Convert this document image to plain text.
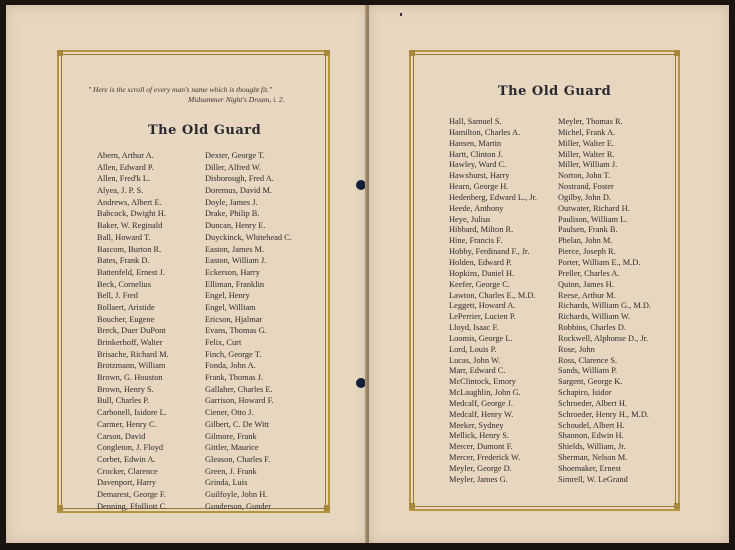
" Here is the scroll of every man's name which is thought fit."
Midsummer Night's Dream, i. 2.
The Old Guard
Abern, Arthur A.
Allen, Edward P.
Allen, Fred'k L.
Alyea, J. P. S.
Andrews, Albert E.
Babcock, Dwight H.
Baker, W. Reginald
Ball, Howard T.
Bascom, Burton R.
Bates, Frank D.
Battenfeld, Ernest J.
Beck, Cornelius
Bell, J. Fred
Bollaert, Aristide
Boucher, Eugene
Breck, Duer DuPont
Brinkerhoff, Walter
Brisache, Richard M.
Brotzmann, William
Brown, G. Houston
Brown, Henry S.
Bull, Charles P.
Carbonell, Isidore L.
Carmer, Henry C.
Carson, David
Congleton, J. Floyd
Corbet, Edwin A.
Crocker, Clarence
Davenport, Harry
Demarest, George F.
Denning, Ffolliott C.
Dexter, George T.
Diller, Alfred W.
Disborough, Fred A.
Doremus, David M.
Doyle, James J.
Drake, Philip B.
Duncan, Henry E.
Duyckinck, Whitehead C.
Easton, James M.
Easton, William J.
Eckerson, Harry
Elliman, Franklin
Engel, Henry
Engel, William
Ericson, Hjalmar
Evans, Thomas G.
Felix, Curt
Finch, George T.
Fonda, John A.
Frank, Thomas J.
Gallaher, Charles E.
Garrison, Howard F.
Ciener, Otto J.
Gilbert, C. De Witt
Gilmore, Frank
Gittler, Maurice
Gleason, Charles F.
Green, J. Frank
Grinda, Luis
Guilfoyle, John H.
Gunderson, Gunder
The Old Guard
Hall, Samuel S.
Hamilton, Charles A.
Hansen, Martin
Hartt, Clinton J.
Hawley, Ward C.
Hawxhurst, Harry
Hearn, George H.
Hedenberg, Edward L., Jr.
Heede, Anthony
Heye, Julius
Hibbard, Milton R.
Hine, Francis F.
Hobby, Ferdinand F., Jr.
Holden, Edward P.
Hopkins, Daniel H.
Keefer, George C.
Lawton, Charles E., M.D.
Leggett, Howard A.
LePerrier, Lucien P.
Lloyd, Isaac F.
Loomis, George L.
Lord, Louis P.
Lucas, John W.
Marr, Edward C.
McClintock, Emory
McLaughlin, John G.
Medcalf, George J.
Medcalf, Henry W.
Meeker, Sydney
Mellick, Henry S.
Mercer, Dumont F.
Mercer, Frederick W.
Meyler, George D.
Meyler, James G.
Meyler, Thomas R.
Michel, Frank A.
Miller, Walter E.
Miller, Walter R.
Miller, William J.
Norton, John T.
Nostrand, Foster
Ogilby, John D.
Outwater, Richard H.
Paulison, William L.
Paulsen, Frank B.
Phelan, John M.
Pierce, Joseph R.
Porter, William E., M.D.
Preller, Charles A.
Quinn, James H.
Reese, Arthur M.
Richards, William G., M.D.
Richards, William W.
Robbins, Charles D.
Rockwell, Alphonse D., Jr.
Rose, John
Ross, Clarence S.
Sands, William P.
Sargent, George K.
Schapiro, Isidor
Schroeder, Albert H.
Schroeder, Henry H., M.D.
Schoudel, Albert H.
Shannon, Edwin H.
Shields, William, Jr.
Sherman, Nelson M.
Shoemaker, Ernest
Simrell, W. LeGrand
